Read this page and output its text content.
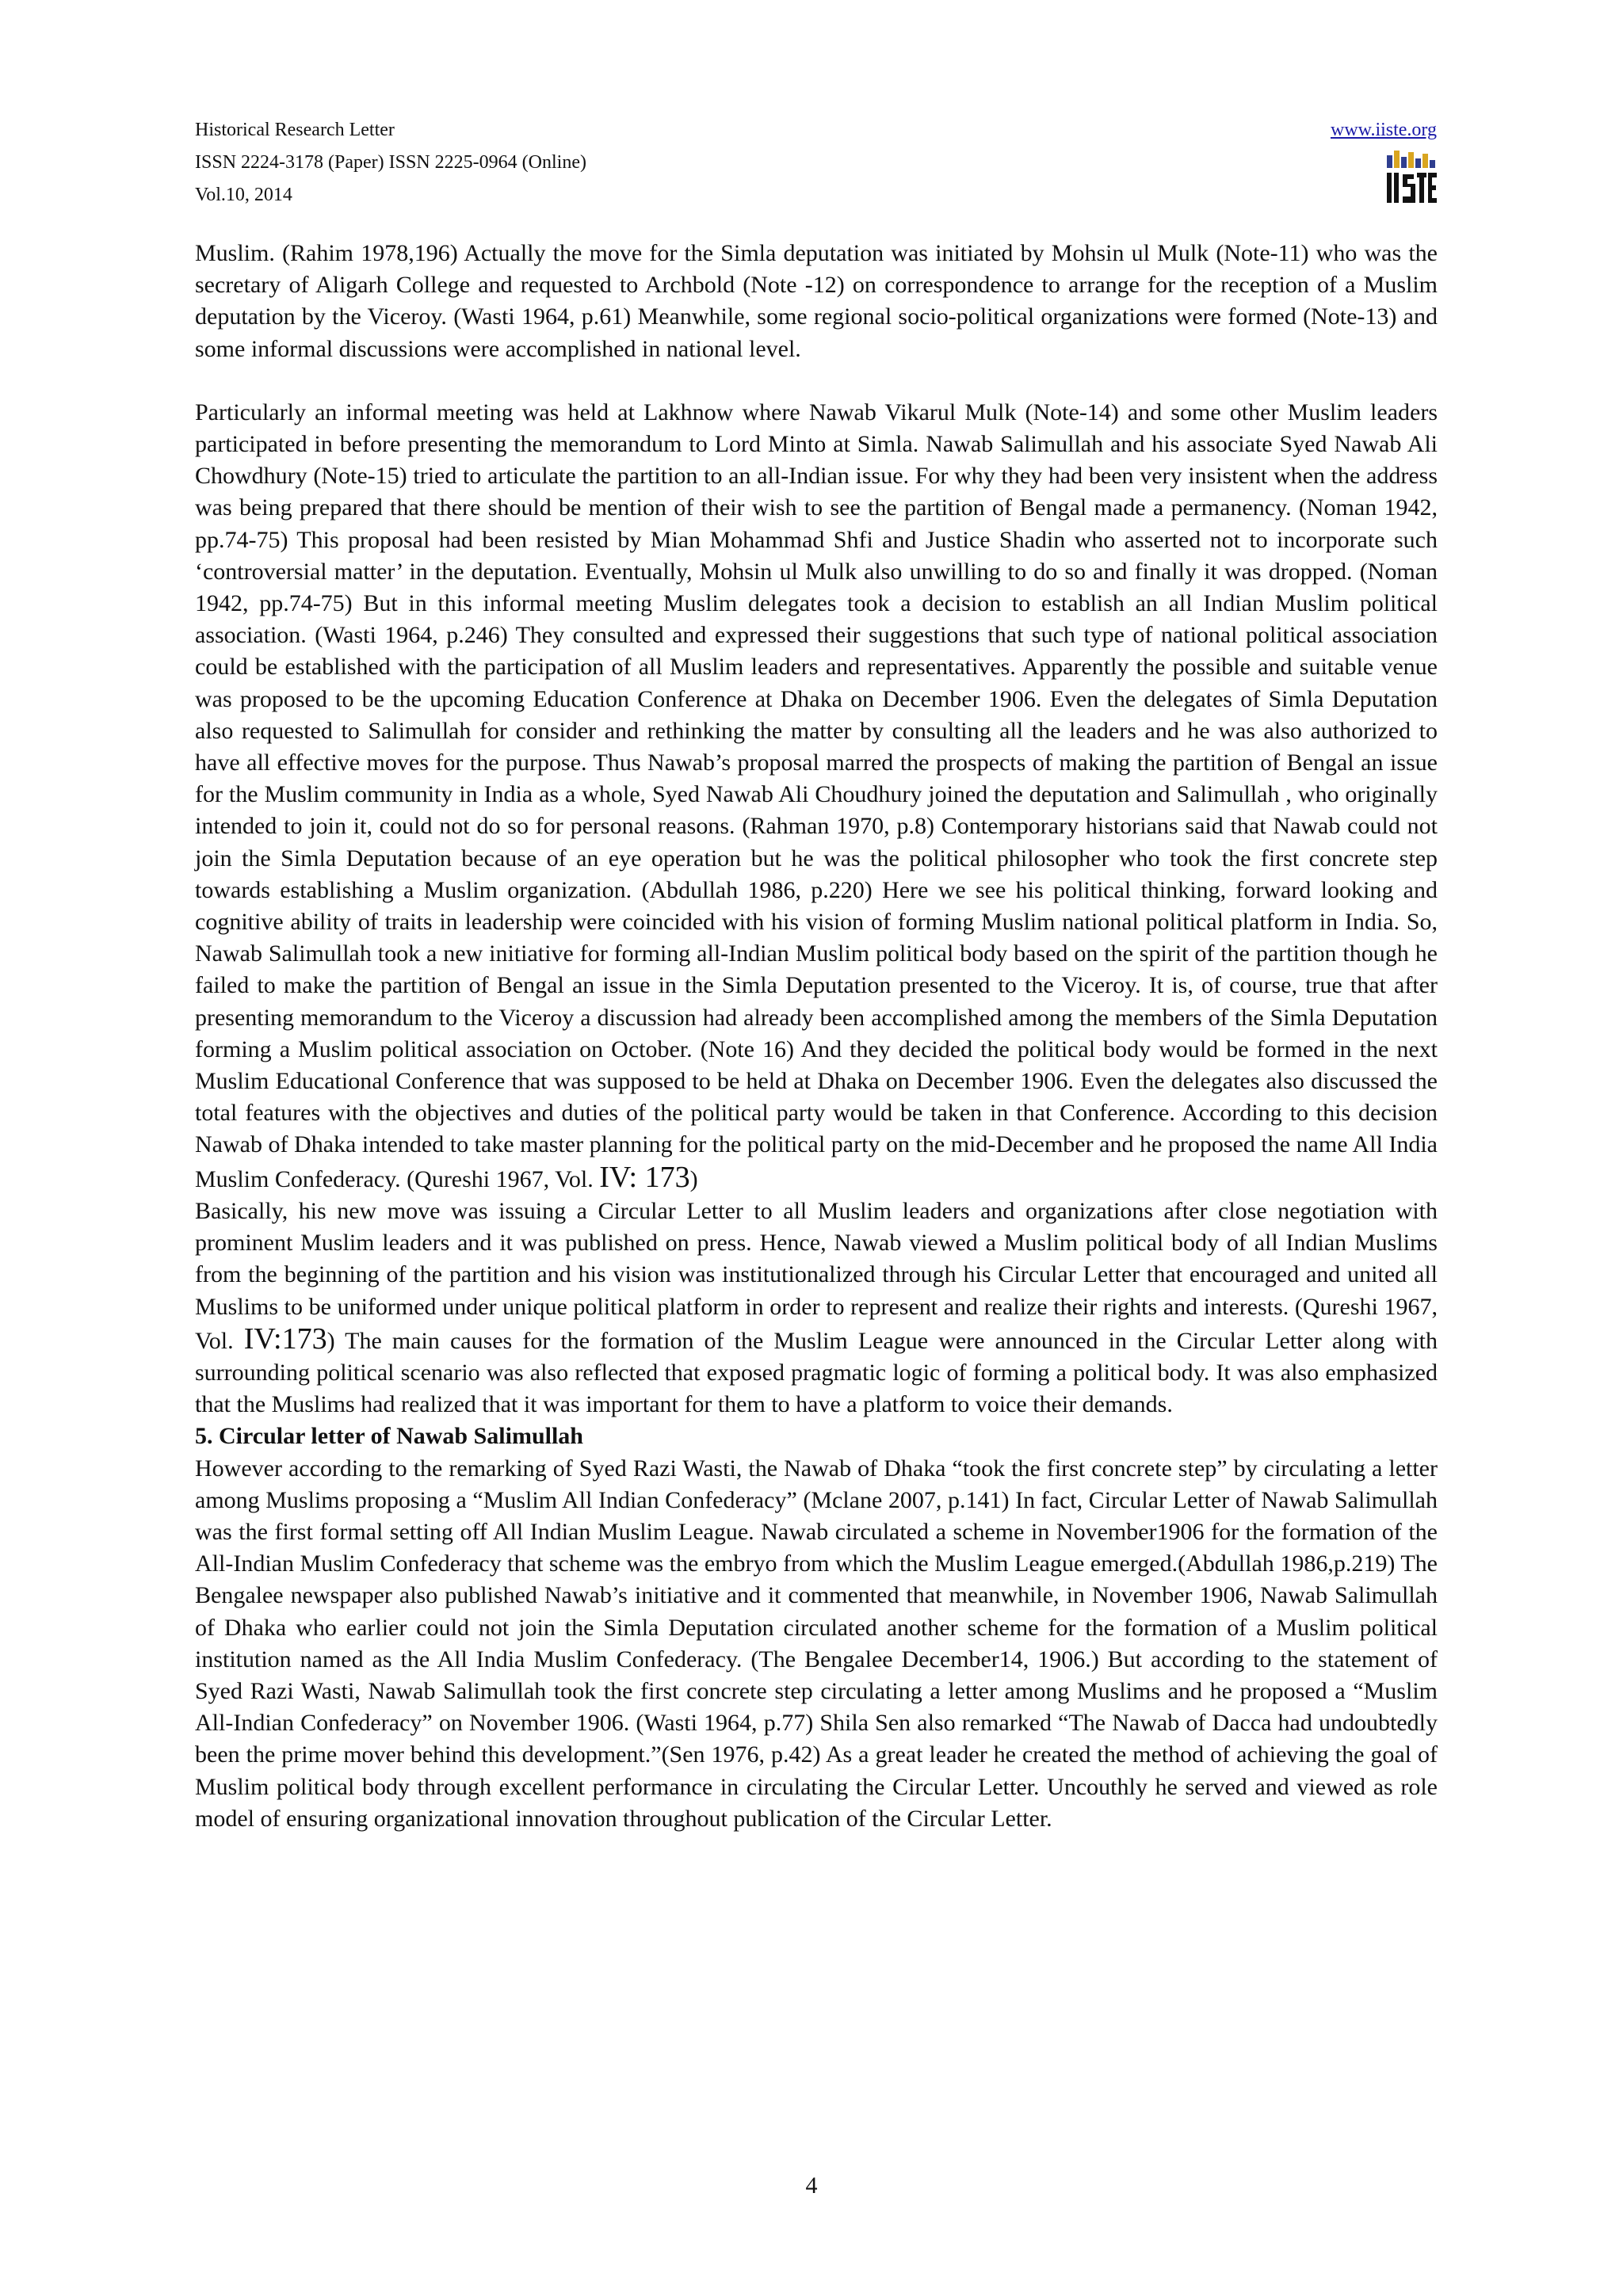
Historical Research Letter
ISSN 2224-3178 (Paper) ISSN 2225-0964 (Online)
Vol.10, 2014
www.iiste.org

Muslim. (Rahim 1978,196) Actually the move for the Simla deputation was initiated by Mohsin ul Mulk (Note-11) who was the secretary of Aligarh College and requested to Archbold (Note -12) on correspondence to arrange for the reception of a Muslim deputation by the Viceroy. (Wasti 1964, p.61) Meanwhile, some regional socio-political organizations were formed (Note-13) and some informal discussions were accomplished in national level.

Particularly an informal meeting was held at Lakhnow where Nawab Vikarul Mulk (Note-14) and some other Muslim leaders participated in before presenting the memorandum to Lord Minto at Simla. Nawab Salimullah and his associate Syed Nawab Ali Chowdhury (Note-15) tried to articulate the partition to an all-Indian issue. For why they had been very insistent when the address was being prepared that there should be mention of their wish to see the partition of Bengal made a permanency. (Noman 1942, pp.74-75) This proposal had been resisted by Mian Mohammad Shfi and Justice Shadin who asserted not to incorporate such ‘controversial matter’ in the deputation. Eventually, Mohsin ul Mulk also unwilling to do so and finally it was dropped. (Noman 1942, pp.74-75) But in this informal meeting Muslim delegates took a decision to establish an all Indian Muslim political association. (Wasti 1964, p.246) They consulted and expressed their suggestions that such type of national political association could be established with the participation of all Muslim leaders and representatives. Apparently the possible and suitable venue was proposed to be the upcoming Education Conference at Dhaka on December 1906. Even the delegates of Simla Deputation also requested to Salimullah for consider and rethinking the matter by consulting all the leaders and he was also authorized to have all effective moves for the purpose. Thus Nawab’s proposal marred the prospects of making the partition of Bengal an issue for the Muslim community in India as a whole, Syed Nawab Ali Choudhury joined the deputation and Salimullah , who originally intended to join it, could not do so for personal reasons. (Rahman 1970, p.8) Contemporary historians said that Nawab could not join the Simla Deputation because of an eye operation but he was the political philosopher who took the first concrete step towards establishing a Muslim organization. (Abdullah 1986, p.220) Here we see his political thinking, forward looking and cognitive ability of traits in leadership were coincided with his vision of forming Muslim national political platform in India. So, Nawab Salimullah took a new initiative for forming all-Indian Muslim political body based on the spirit of the partition though he failed to make the partition of Bengal an issue in the Simla Deputation presented to the Viceroy. It is, of course, true that after presenting memorandum to the Viceroy a discussion had already been accomplished among the members of the Simla Deputation forming a Muslim political association on October. (Note 16) And they decided the political body would be formed in the next Muslim Educational Conference that was supposed to be held at Dhaka on December 1906. Even the delegates also discussed the total features with the objectives and duties of the political party would be taken in that Conference. According to this decision Nawab of Dhaka intended to take master planning for the political party on the mid-December and he proposed the name All India Muslim Confederacy. (Qureshi 1967, Vol. IV: 173)

Basically, his new move was issuing a Circular Letter to all Muslim leaders and organizations after close negotiation with prominent Muslim leaders and it was published on press. Hence, Nawab viewed a Muslim political body of all Indian Muslims from the beginning of the partition and his vision was institutionalized through his Circular Letter that encouraged and united all Muslims to be uniformed under unique political platform in order to represent and realize their rights and interests. (Qureshi 1967, Vol. IV:173) The main causes for the formation of the Muslim League were announced in the Circular Letter along with surrounding political scenario was also reflected that exposed pragmatic logic of forming a political body. It was also emphasized that the Muslims had realized that it was important for them to have a platform to voice their demands.

5. Circular letter of Nawab Salimullah

However according to the remarking of Syed Razi Wasti, the Nawab of Dhaka “took the first concrete step” by circulating a letter among Muslims proposing a “Muslim All Indian Confederacy” (Mclane 2007, p.141) In fact, Circular Letter of Nawab Salimullah was the first formal setting off All Indian Muslim League. Nawab circulated a scheme in November1906 for the formation of the All-Indian Muslim Confederacy that scheme was the embryo from which the Muslim League emerged.(Abdullah 1986,p.219) The Bengalee newspaper also published Nawab’s initiative and it commented that meanwhile, in November 1906, Nawab Salimullah of Dhaka who earlier could not join the Simla Deputation circulated another scheme for the formation of a Muslim political institution named as the All India Muslim Confederacy. (The Bengalee December14, 1906.) But according to the statement of Syed Razi Wasti, Nawab Salimullah took the first concrete step circulating a letter among Muslims and he proposed a “Muslim All-Indian Confederacy” on November 1906. (Wasti 1964, p.77) Shila Sen also remarked “The Nawab of Dacca had undoubtedly been the prime mover behind this development.”(Sen 1976, p.42) As a great leader he created the method of achieving the goal of Muslim political body through excellent performance in circulating the Circular Letter. Uncouthly he served and viewed as role model of ensuring organizational innovation throughout publication of the Circular Letter.

4
